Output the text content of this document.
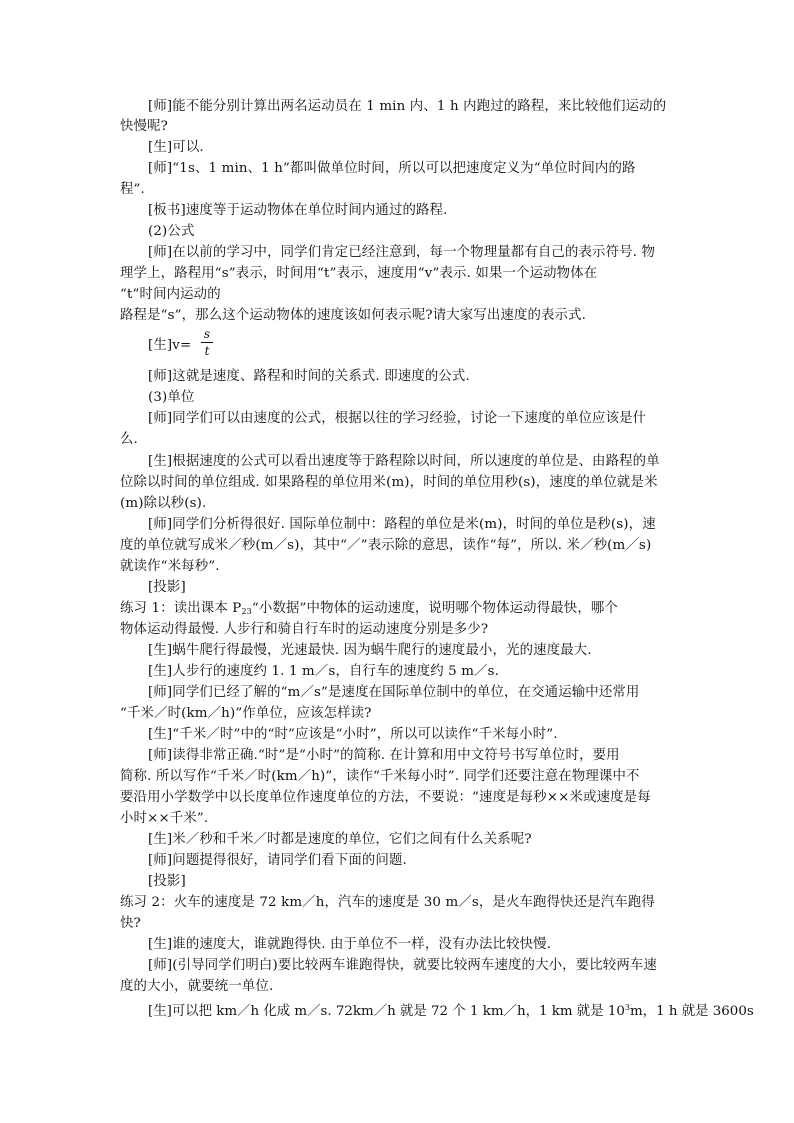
[师]能不能分别计算出两名运动员在 1 min 内、1 h 内跑过的路程，来比较他们运动的
快慢呢?
[生]可以.
[师]“1s、1 min、1 h”都叫做单位时间，所以可以把速度定义为“单位时间内的路
程”.
[板书]速度等于运动物体在单位时间内通过的路程.
(2)公式
[师]在以前的学习中，同学们肯定已经注意到，每一个物理量都有自己的表示符号. 物
理学上，路程用“s”表示，时间用“t”表示，速度用“v”表示. 如果一个运动物体在
“t”时间内运动的
路程是“s”，那么这个运动物体的速度该如何表示呢?请大家写出速度的表示式.
[生]v=
s
t
[师]这就是速度、路程和时间的关系式. 即速度的公式.
(3)单位
[师]同学们可以由速度的公式，根据以往的学习经验，讨论一下速度的单位应该是什
么.
[生]根据速度的公式可以看出速度等于路程除以时间，所以速度的单位是、由路程的单
位除以时间的单位组成. 如果路程的单位用米(m)，时间的单位用秒(s)，速度的单位就是米
(m)除以秒(s).
[师]同学们分析得很好. 国际单位制中：路程的单位是米(m)，时间的单位是秒(s)，速
度的单位就写成米／秒(m／s)，其中“／”表示除的意思，读作“每”，所以. 米／秒(m／s)
就读作“米每秒”.
[投影]
练习 1：读出课本 $P_{23}“$小数据”中物体的运动速度，说明哪个物体运动得最快，哪个
物体运动得最慢. 人步行和骑自行车时的运动速度分别是多少?
[生]蜗牛爬行得最慢，光速最快. 因为蜗牛爬行的速度最小，光的速度最大.
[生]人步行的速度约 1. 1 m／s，自行车的速度约 5 m／s.
[师]同学们已经了解的“m／s”是速度在国际单位制中的单位，在交通运输中还常用
“千米／时(km／h)”作单位，应该怎样读?
[生]“千米／时”中的“时”应该是“小时”，所以可以读作“千米每小时”.
[师]读得非常正确.“时”是“小时”的简称. 在计算和用中文符号书写单位时，要用
简称. 所以写作“千米／时(km／h)”，读作“千米每小时”. 同学们还要注意在物理课中不
要沿用小学数学中以长度单位作速度单位的方法，不要说：“速度是每秒××米或速度是每
小时××千米”.
[生]米／秒和千米／时都是速度的单位，它们之间有什么关系呢?
[师]问题提得很好，请同学们看下面的问题.
[投影]
练习 2：火车的速度是 72 km／h，汽车的速度是 30 m／s，是火车跑得快还是汽车跑得
快?
[生]谁的速度大，谁就跑得快. 由于单位不一样，没有办法比较快慢.
[师](引导同学们明白)要比较两车谁跑得快，就要比较两车速度的大小，要比较两车速
度的大小，就要统一单位.
[生]可以把 km／h 化成 m／s. 72km／h 就是 72 个 1 km／h，1 km 就是 $10^3m$，1 h 就是 3600s
